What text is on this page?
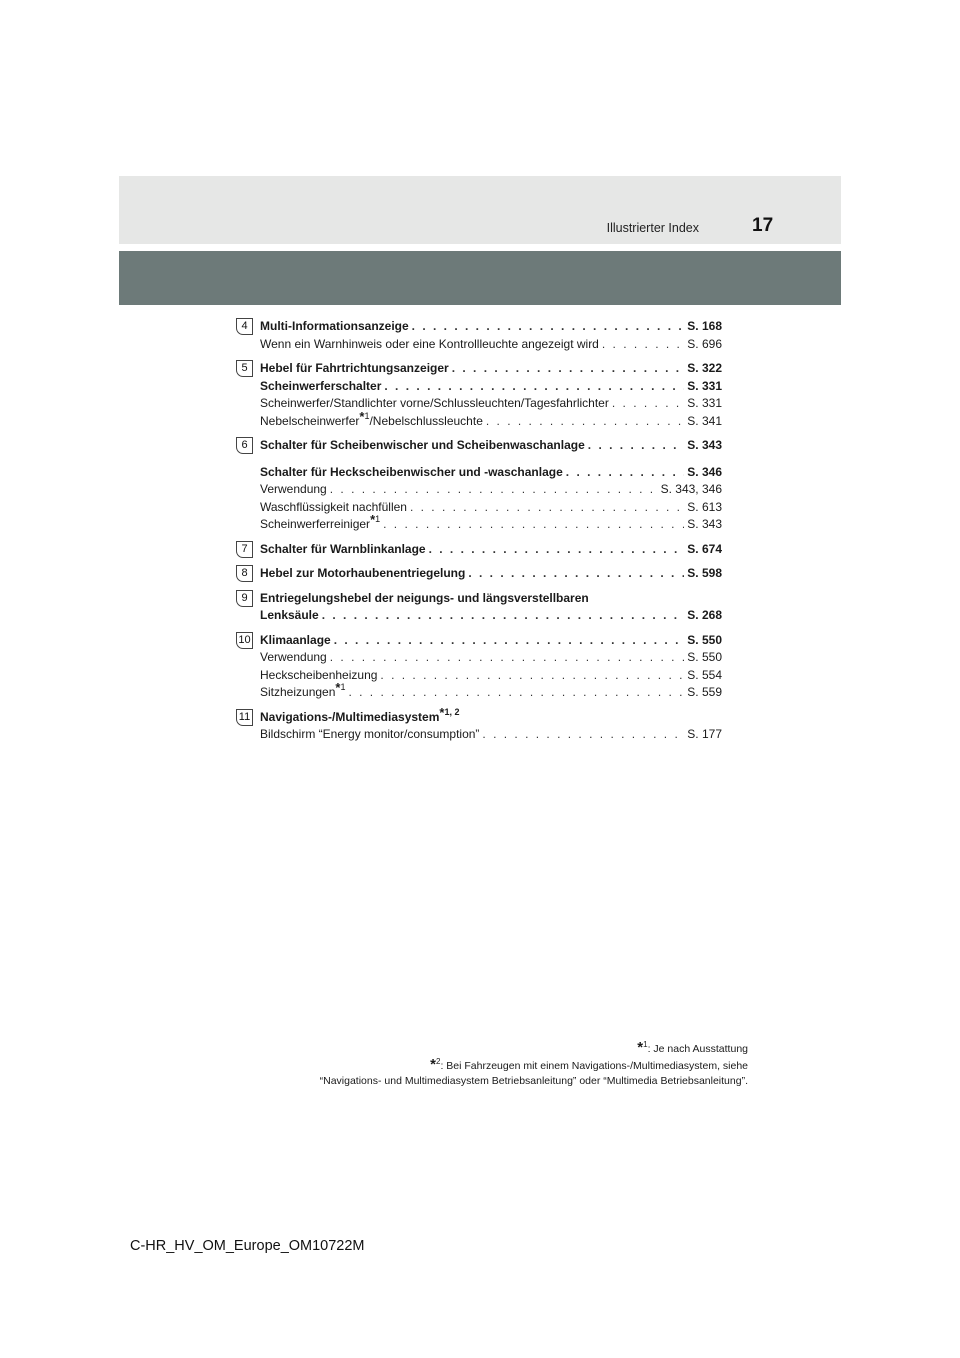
Illustrierter Index	17
4	Multi-Informationsanzeige . . .	S. 168
Wenn ein Warnhinweis oder eine Kontrollleuchte angezeigt wird . . .	S. 696
5	Hebel für Fahrtrichtungsanzeiger . . .	S. 322
Scheinwerferschalter . . .	S. 331
Scheinwerfer/Standlichter vorne/Schlussleuchten/Tagesfahrlichter . . .	S. 331
Nebelscheinwerfer$^{*1}$/Nebelschlussleuchte . . .	S. 341
6	Schalter für Scheibenwischer und Scheibenwaschanlage . . .	S. 343
Schalter für Heckscheibenwischer und -waschanlage . . .	S. 346
Verwendung . . .	S. 343, 346
Waschflüssigkeit nachfüllen . . .	S. 613
Scheinwerferreiniger$^{*1}$ . . .	S. 343
7	Schalter für Warnblinkanlage . . .	S. 674
8	Hebel zur Motorhaubenentriegelung . . .	S. 598
9	Entriegelungshebel der neigungs- und längsverstellbaren
Lenksäule . . .	S. 268
10 Klimaanlage . . .	S. 550
Verwendung . . .	S. 550
Heckscheibenheizung . . .	S. 554
Sitzheizungen$^{*1}$ . . .	S. 559
11 Navigations-/Multimediasystem$^{*1, 2}$
Bildschirm “Energy monitor/consumption” . . .	S. 177
*$^1$: Je nach Ausstattung
*$^2$: Bei Fahrzeugen mit einem Navigations-/Multimediasystem, siehe
“Navigations- und Multimediasystem Betriebsanleitung” oder “Multimedia Betriebsanleitung”.
C-HR_HV_OM_Europe_OM10722M
